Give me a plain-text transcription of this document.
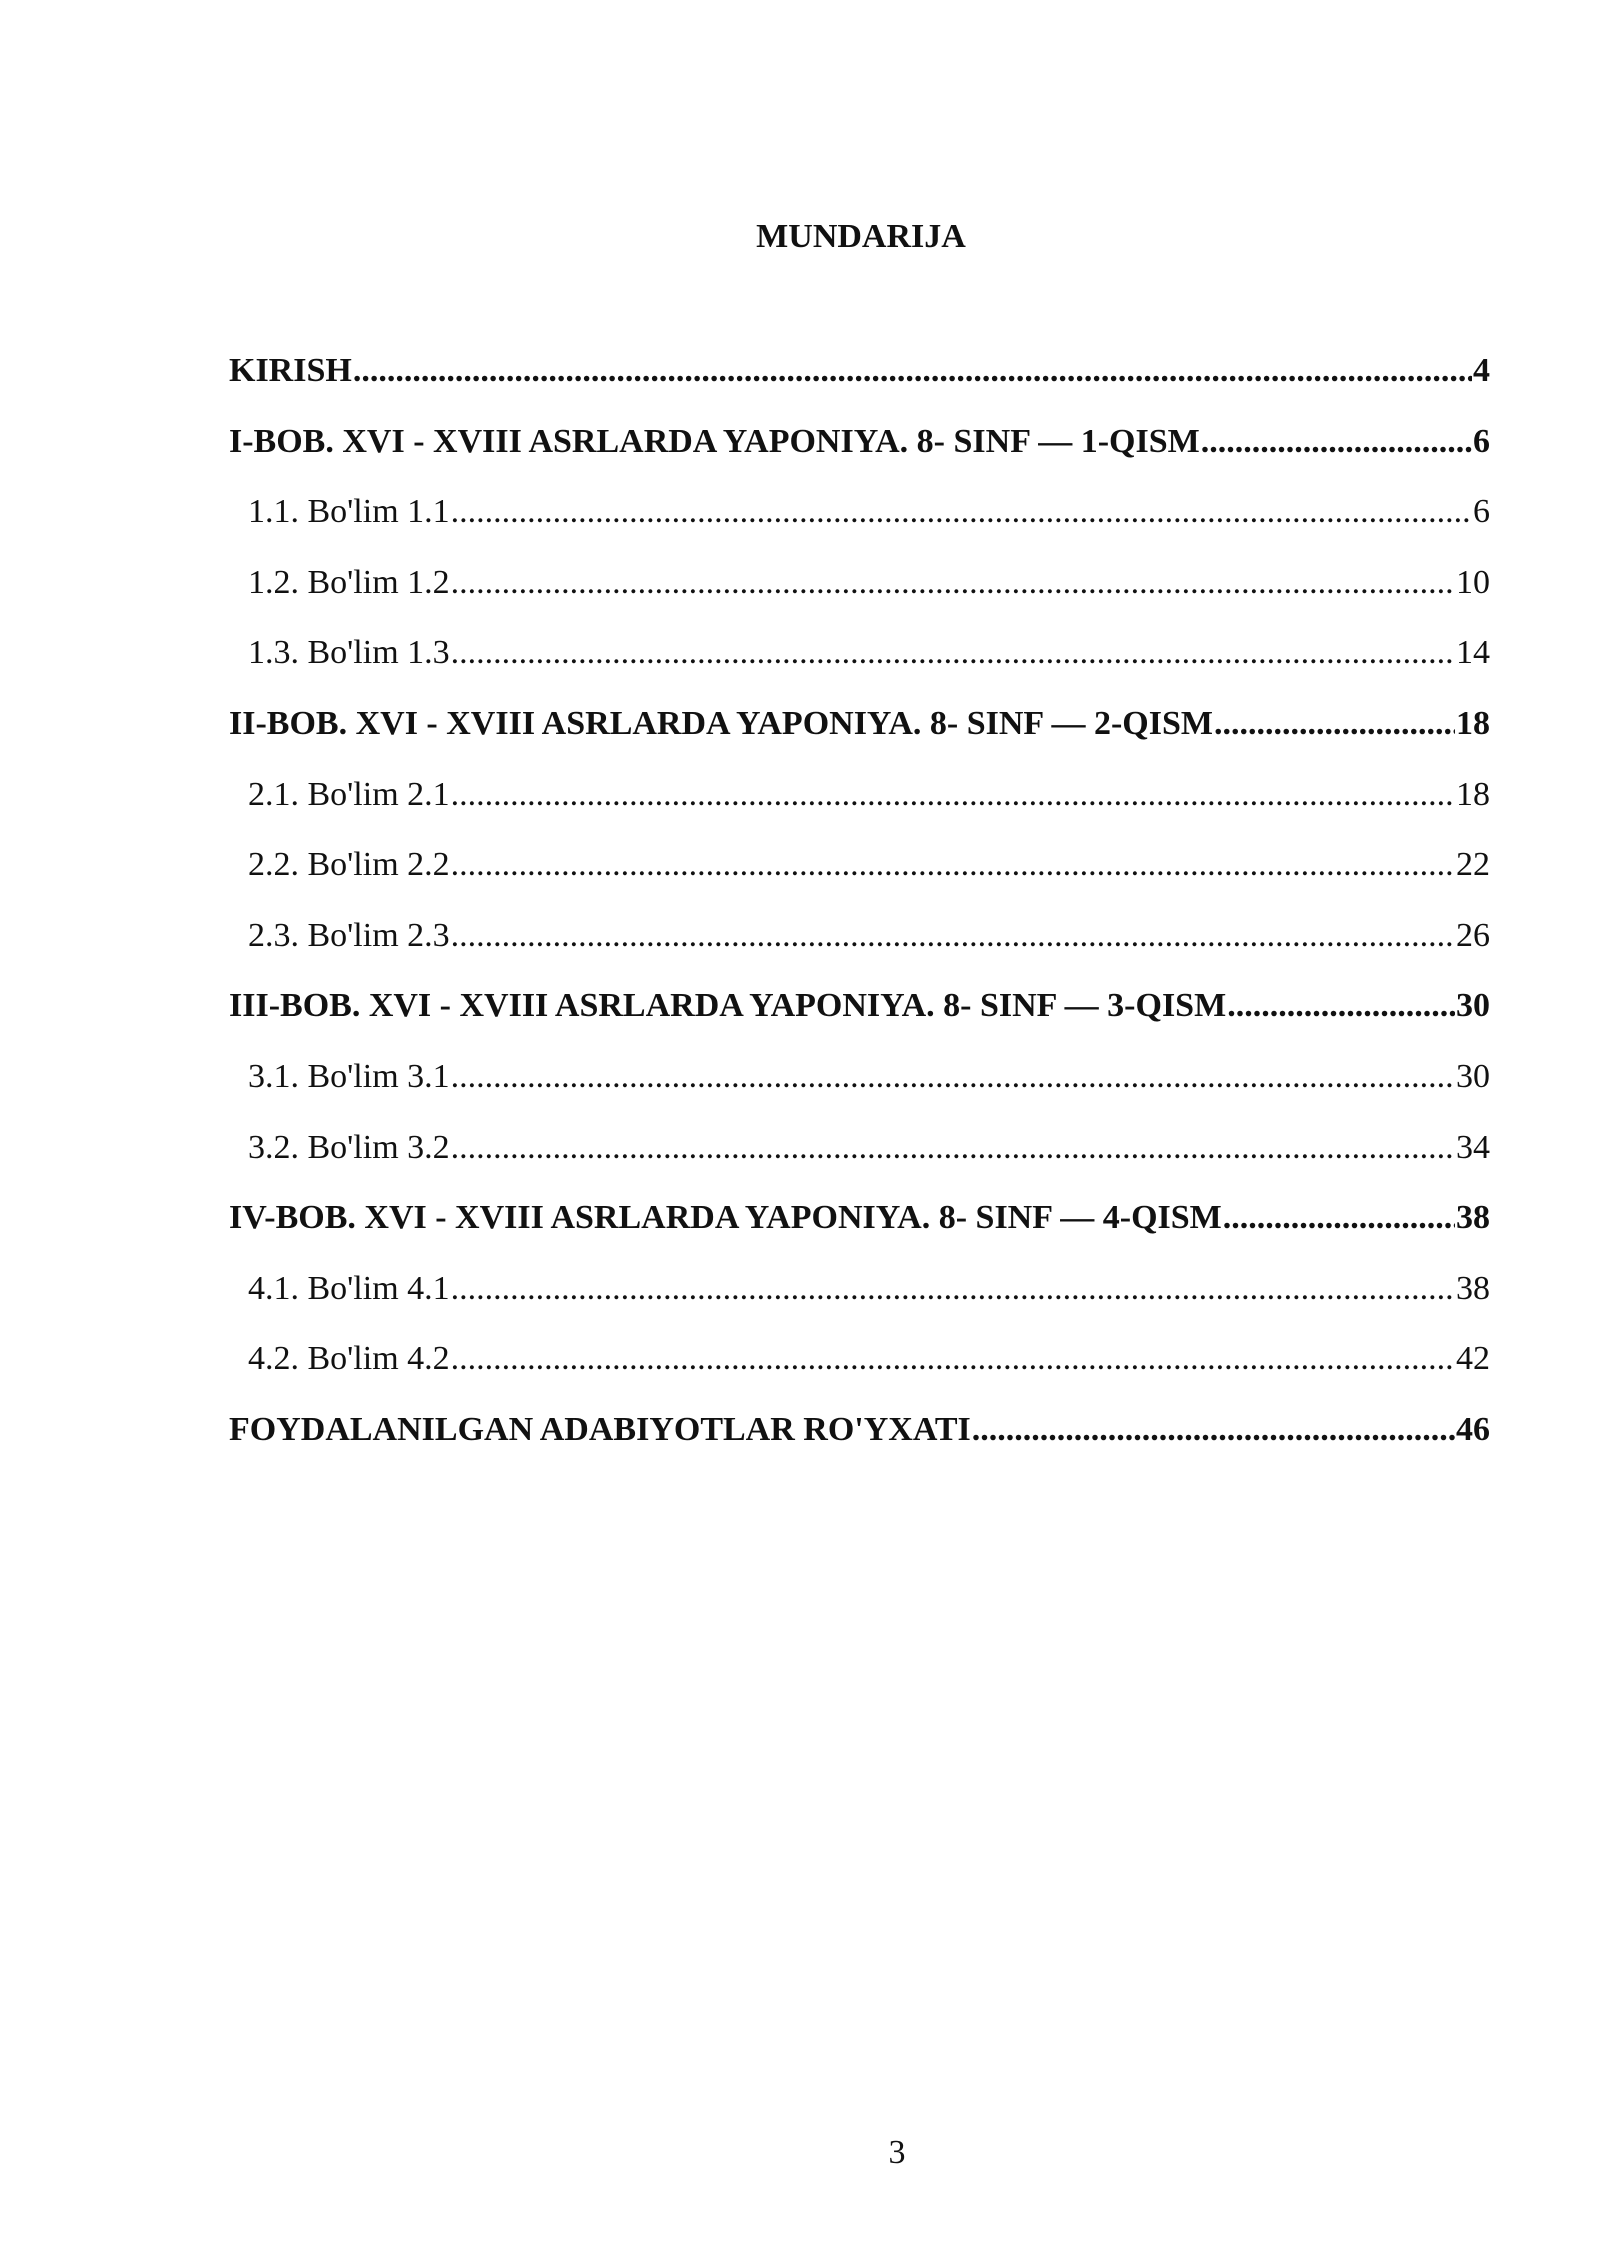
MUNDARIJA
KIRISH .....	4
I-BOB. XVI - XVIII ASRLARDA YAPONIYA. 8- SINF — 1-QISM .....	6
1.1. Bo'lim 1.1 .....	6
1.2. Bo'lim 1.2 .....	10
1.3. Bo'lim 1.3 .....	14
II-BOB. XVI - XVIII ASRLARDA YAPONIYA. 8- SINF — 2-QISM .....	18
2.1. Bo'lim 2.1 .....	18
2.2. Bo'lim 2.2 .....	22
2.3. Bo'lim 2.3 .....	26
III-BOB. XVI - XVIII ASRLARDA YAPONIYA. 8- SINF — 3-QISM .....	30
3.1. Bo'lim 3.1 .....	30
3.2. Bo'lim 3.2 .....	34
IV-BOB. XVI - XVIII ASRLARDA YAPONIYA. 8- SINF — 4-QISM .....	38
4.1. Bo'lim 4.1 .....	38
4.2. Bo'lim 4.2 .....	42
FOYDALANILGAN ADABIYOTLAR RO'YXATI .....	46
3
